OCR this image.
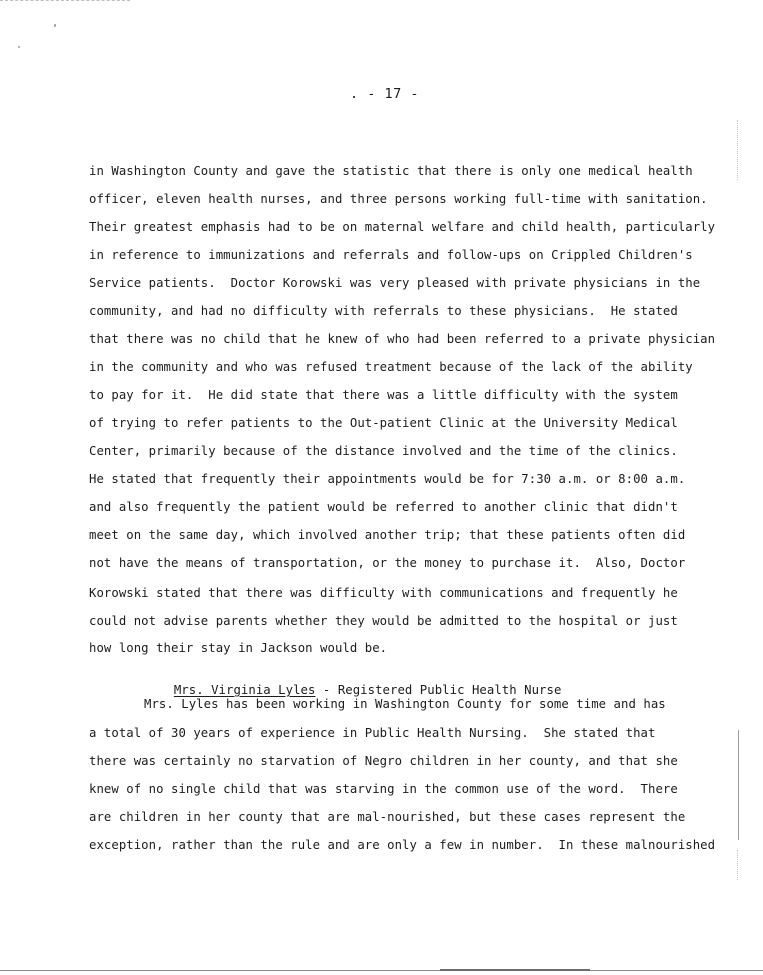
. - 17 -
in Washington County and gave the statistic that there is only one medical health
officer, eleven health nurses, and three persons working full-time with sanitation.
Their greatest emphasis had to be on maternal welfare and child health, particularly
in reference to immunizations and referrals and follow-ups on Crippled Children's
Service patients.  Doctor Korowski was very pleased with private physicians in the
community, and had no difficulty with referrals to these physicians.  He stated
that there was no child that he knew of who had been referred to a private physician
in the community and who was refused treatment because of the lack of the ability
to pay for it.  He did state that there was a little difficulty with the system
of trying to refer patients to the Out-patient Clinic at the University Medical
Center, primarily because of the distance involved and the time of the clinics.
He stated that frequently their appointments would be for 7:30 a.m. or 8:00 a.m.
and also frequently the patient would be referred to another clinic that didn't
meet on the same day, which involved another trip; that these patients often did
not have the means of transportation, or the money to purchase it.  Also, Doctor
Korowski stated that there was difficulty with communications and frequently he
could not advise parents whether they would be admitted to the hospital or just
how long their stay in Jackson would be.

Mrs. Virginia Lyles - Registered Public Health Nurse

Mrs. Lyles has been working in Washington County for some time and has
a total of 30 years of experience in Public Health Nursing.  She stated that
there was certainly no starvation of Negro children in her county, and that she
knew of no single child that was starving in the common use of the word.  There
are children in her county that are mal-nourished, but these cases represent the
exception, rather than the rule and are only a few in number.  In these malnourished
